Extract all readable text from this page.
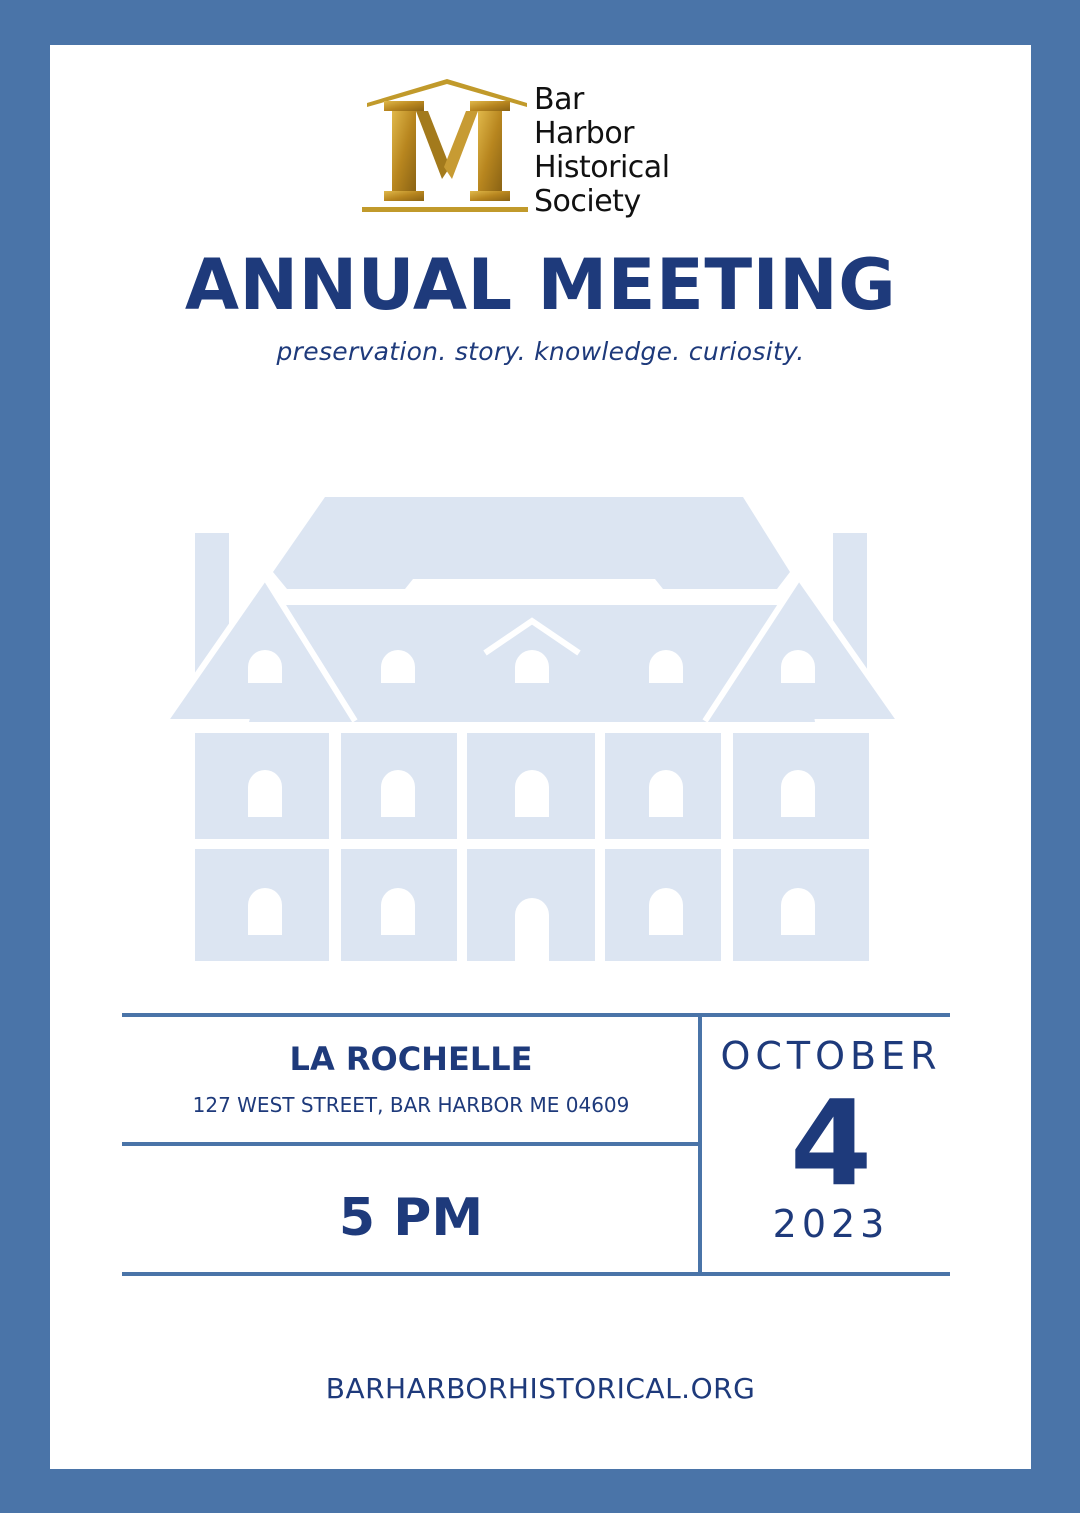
Bar
Harbor
Historical
Society
ANNUAL MEETING
preservation. story. knowledge. curiosity.
LA ROCHELLE
127 WEST STREET, BAR HARBOR ME 04609
5 PM
OCTOBER
4
2023
BARHARBORHISTORICAL.ORG
